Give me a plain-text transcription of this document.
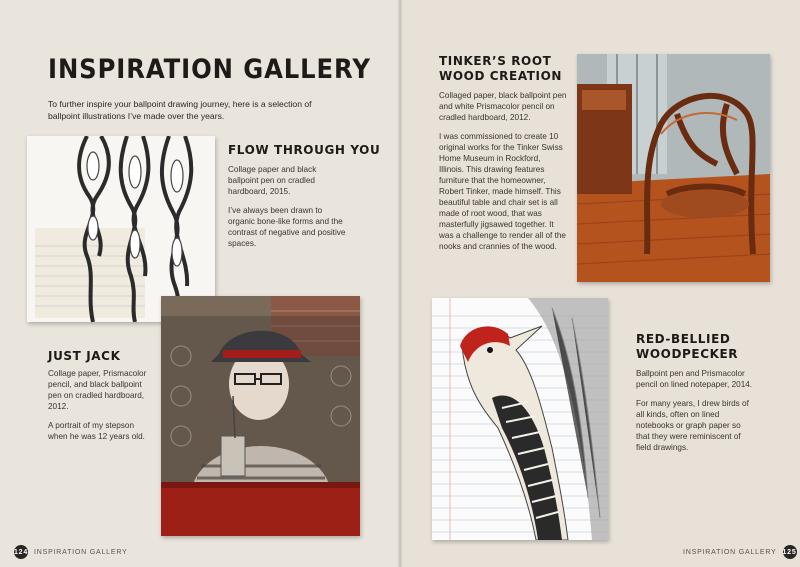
INSPIRATION GALLERY
To further inspire your ballpoint drawing journey, here is a selection of ballpoint illustrations I’ve made over the years.
FLOW THROUGH YOU

Collage paper and black ballpoint pen on cradled hardboard, 2015.

I’ve always been drawn to organic bone-like forms and the contrast of negative and positive spaces.

JUST JACK

Collage paper, Prismacolor pencil, and black ballpoint pen on cradled hardboard, 2012.

A portrait of my stepson when he was 12 years old.

124 INSPIRATION GALLERY
TINKER’S ROOT
WOOD CREATION

Collaged paper, black ballpoint pen and white Prismacolor pencil on cradled hardboard, 2012.

I was commissioned to create 10 original works for the Tinker Swiss Home Museum in Rockford, Illinois. This drawing features furniture that the homeowner, Robert Tinker, made himself. This beautiful table and chair set is all made of root wood, that was masterfully jigsawed together. It was a challenge to render all of the nooks and crannies of the wood.

RED-BELLIED
WOODPECKER

Ballpoint pen and Prismacolor pencil on lined notepaper, 2014.

For many years, I drew birds of all kinds, often on lined notebooks or graph paper so that they were reminiscent of field drawings.

INSPIRATION GALLERY 125
